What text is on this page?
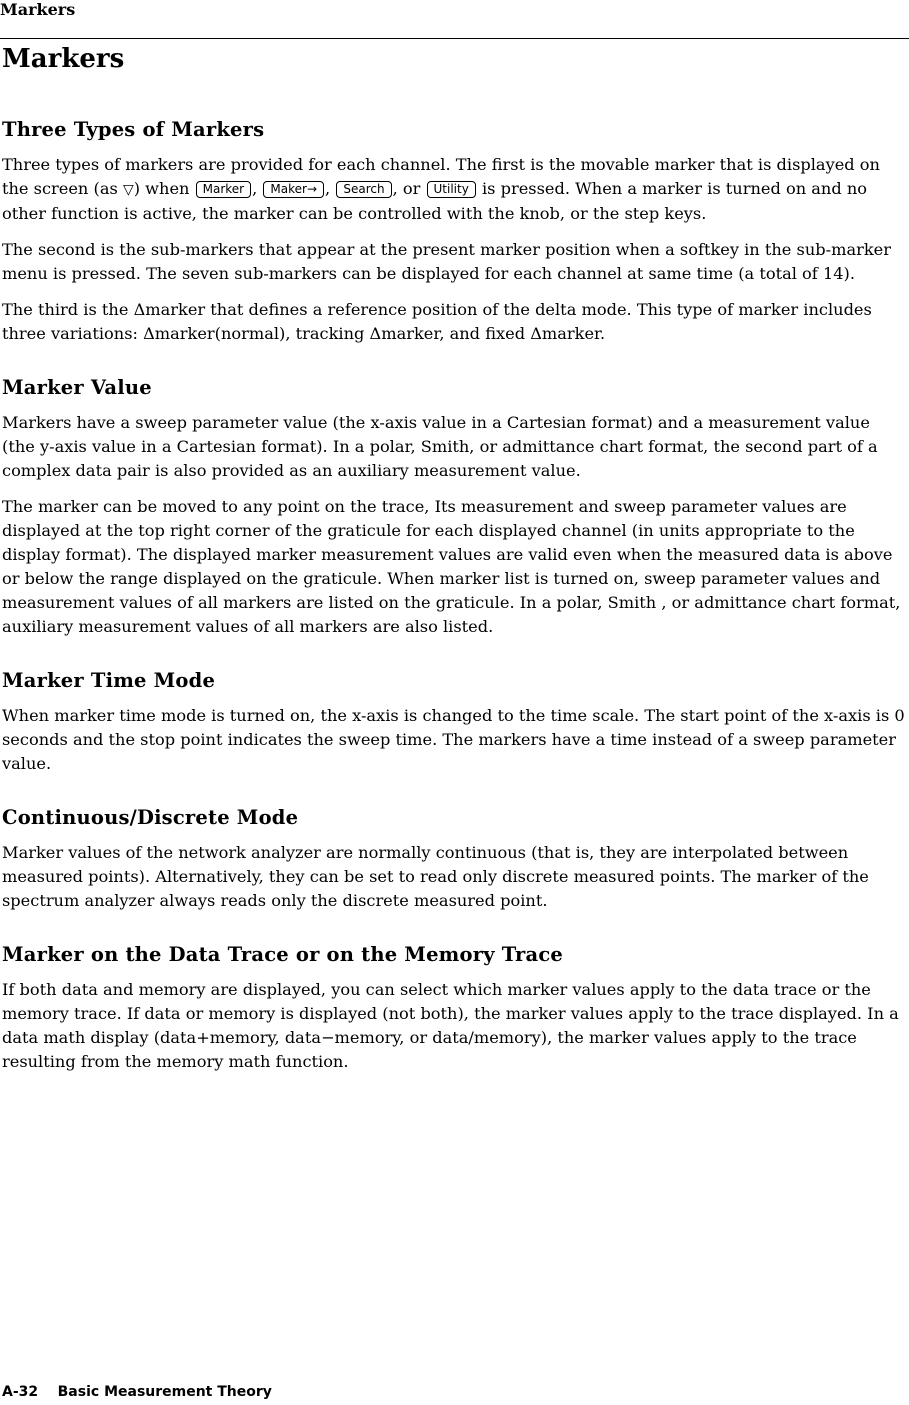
Markers
Markers
Three Types of Markers

Three types of markers are provided for each channel. The first is the movable marker that is displayed on the screen (as ▽) when Marker , Maker→ , Search , or Utility is pressed. When a marker is turned on and no other function is active, the marker can be controlled with the knob, or the step keys.

The second is the sub-markers that appear at the present marker position when a softkey in the sub-marker menu is pressed. The seven sub-markers can be displayed for each channel at same time (a total of 14).

The third is the Δmarker that defines a reference position of the delta mode. This type of marker includes three variations: Δmarker(normal), tracking Δmarker, and fixed Δmarker.

Marker Value

Markers have a sweep parameter value (the x-axis value in a Cartesian format) and a measurement value (the y-axis value in a Cartesian format). In a polar, Smith, or admittance chart format, the second part of a complex data pair is also provided as an auxiliary measurement value.

The marker can be moved to any point on the trace, Its measurement and sweep parameter values are displayed at the top right corner of the graticule for each displayed channel (in units appropriate to the display format). The displayed marker measurement values are valid even when the measured data is above or below the range displayed on the graticule. When marker list is turned on, sweep parameter values and measurement values of all markers are listed on the graticule. In a polar, Smith , or admittance chart format, auxiliary measurement values of all markers are also listed.

Marker Time Mode

When marker time mode is turned on, the x-axis is changed to the time scale. The start point of the x-axis is 0 seconds and the stop point indicates the sweep time. The markers have a time instead of a sweep parameter value.

Continuous/Discrete Mode

Marker values of the network analyzer are normally continuous (that is, they are interpolated between measured points). Alternatively, they can be set to read only discrete measured points. The marker of the spectrum analyzer always reads only the discrete measured point.

Marker on the Data Trace or on the Memory Trace

If both data and memory are displayed, you can select which marker values apply to the data trace or the memory trace. If data or memory is displayed (not both), the marker values apply to the trace displayed. In a data math display (data+memory, data−memory, or data/memory), the marker values apply to the trace resulting from the memory math function.

A-32 Basic Measurement Theory
